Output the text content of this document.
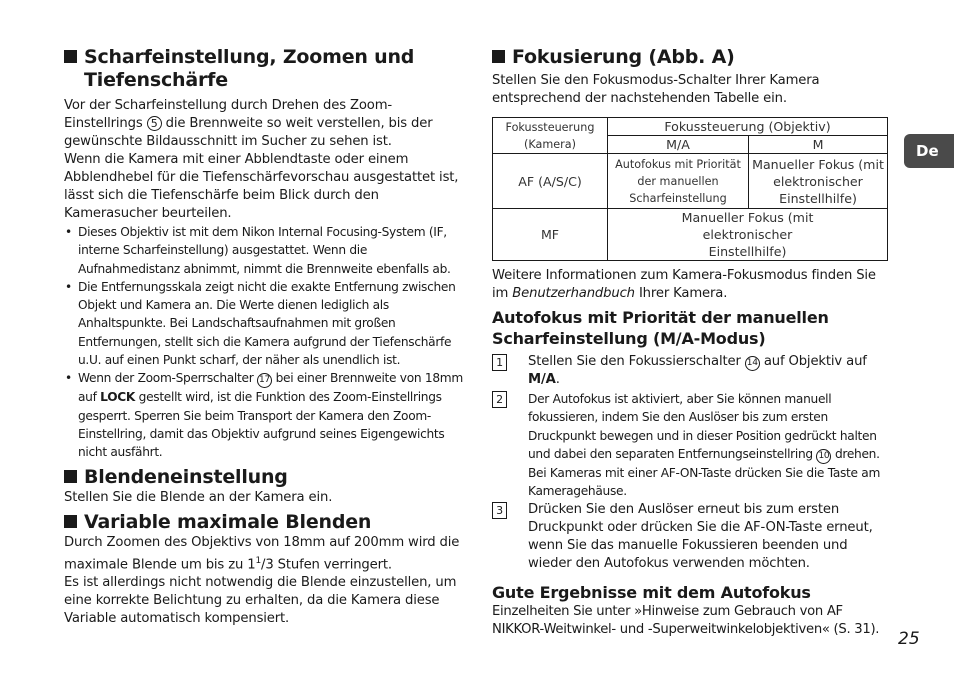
Scharfeinstellung, Zoomen und Tiefenschärfe

Vor der Scharfeinstellung durch Drehen des Zoom-Einstellrings 5 die Brennweite so weit verstellen, bis der gewünschte Bildausschnitt im Sucher zu sehen ist.

Wenn die Kamera mit einer Abblendtaste oder einem Abblendhebel für die Tiefenschärfevorschau ausgestattet ist, lässt sich die Tiefenschärfe beim Blick durch den Kamerasucher beurteilen.

• Dieses Objektiv ist mit dem Nikon Internal Focusing-System (IF, interne Scharfeinstellung) ausgestattet. Wenn die Aufnahmedistanz abnimmt, nimmt die Brennweite ebenfalls ab.
• Die Entfernungsskala zeigt nicht die exakte Entfernung zwischen Objekt und Kamera an. Die Werte dienen lediglich als Anhaltspunkte. Bei Landschaftsaufnahmen mit großen Entfernungen, stellt sich die Kamera aufgrund der Tiefenschärfe u.U. auf einen Punkt scharf, der näher als unendlich ist.
• Wenn der Zoom-Sperrschalter 17 bei einer Brennweite von 18mm auf LOCK gestellt wird, ist die Funktion des Zoom-Einstellrings gesperrt. Sperren Sie beim Transport der Kamera den Zoom-Einstellring, damit das Objektiv aufgrund seines Eigengewichts nicht ausfährt.
Blendeneinstellung

Stellen Sie die Blende an der Kamera ein.

Variable maximale Blenden

Durch Zoomen des Objektivs von 18mm auf 200mm wird die maximale Blende um bis zu $1^1/3$ Stufen verringert.

Es ist allerdings nicht notwendig die Blende einzustellen, um eine korrekte Belichtung zu erhalten, da die Kamera diese Variable automatisch kompensiert.

Fokusierung (Abb. A)

Stellen Sie den Fokusmodus-Schalter Ihrer Kamera entsprechend der nachstehenden Tabelle ein.

Fokussteuerung
(Kamera)	Fokussteuerung (Objektiv)	
	M/A	M
AF (A/S/C)	Autofokus mit Priorität der manuellen Scharfeinstellung	Manueller Fokus (mit elektronischer Einstellhilfe)
MF	Manueller Fokus (mit elektronischer Einstellhilfe)	

Weitere Informationen zum Kamera-Fokusmodus finden Sie im Benutzerhandbuch Ihrer Kamera.

Autofokus mit Priorität der manuellen Scharfeinstellung (M/A-Modus)
1	Stellen Sie den Fokussierschalter 14 auf Objektiv auf M/A.
2	Der Autofokus ist aktiviert, aber Sie können manuell fokussieren, indem Sie den Auslöser bis zum ersten Druckpunkt bewegen und in dieser Position gedrückt halten und dabei den separaten Entfernungseinstellring 10 drehen. Bei Kameras mit einer AF-ON-Taste drücken Sie die Taste am Kameragehäuse.
3	Drücken Sie den Auslöser erneut bis zum ersten Druckpunkt oder drücken Sie die AF-ON-Taste erneut, wenn Sie das manuelle Fokussieren beenden und wieder den Autofokus verwenden möchten.
Gute Ergebnisse mit dem Autofokus

Einzelheiten Sie unter »Hinweise zum Gebrauch von AF NIKKOR-Weitwinkel- und -Superweitwinkelobjektiven« (S. 31).

De
25
